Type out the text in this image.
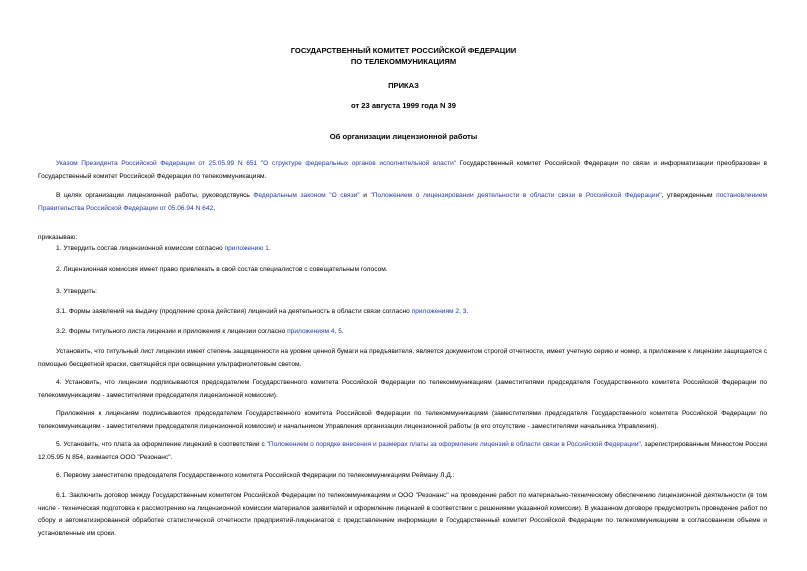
ГОСУДАРСТВЕННЫЙ КОМИТЕТ РОССИЙСКОЙ ФЕДЕРАЦИИ
ПО ТЕЛЕКОММУНИКАЦИЯМ
ПРИКАЗ
от 23 августа 1999 года N 39
Об организации лицензионной работы
Указом Президента Российской Федерации от 25.05.99 N 651 "О структуре федеральных органов исполнительной власти" Государственный комитет Российской Федерации по связи и информатизации преобразован в Государственный комитет Российской Федерации по телекоммуникациям.
В целях организации лицензионной работы, руководствуясь Федеральным законом "О связи" и "Положением о лицензировании деятельности в области связи в Российской Федерации", утвержденным постановлением Правительства Российской Федерации от 05.06.94 N 642,
приказываю:
1. Утвердить состав лицензионной комиссии согласно приложению 1.
2. Лицензионная комиссия имеет право привлекать в свой состав специалистов с совещательным голосом.
3. Утвердить:
3.1. Формы заявлений на выдачу (продление срока действия) лицензий на деятельность в области связи согласно приложениям 2, 3.
3.2. Формы титульного листа лицензии и приложения к лицензии согласно приложениям 4, 5.
Установить, что титульный лист лицензии имеет степень защищенности на уровне ценной бумаги на предъявителя, является документом строгой отчетности, имеет учетную серию и номер, а приложение к лицензии защищается с помощью бесцветной краски, светящейся при освещении ультрафиолетовым светом.
4. Установить, что лицензии подписываются председателем Государственного комитета Российской Федерации по телекоммуникациям (заместителями председателя Государственного комитета Российской Федерации по телекоммуникациям - заместителями председателя лицензионной комиссии).
Приложения к лицензиям подписываются председателем Государственного комитета Российской Федерации по телекоммуникациям (заместителями председателя Государственного комитета Российской Федерации по телекоммуникациям - заместителями председателя лицензионной комиссии) и начальником Управления организации лицензионной работы (в его отсутствие - заместителями начальника Управления).
5. Установить, что плата за оформление лицензий в соответствии с "Положением о порядке внесения и размерах платы за оформление лицензий в области связи в Российской Федерации", зарегистрированным Минюстом России 12.05.95 N 854, взимается ООО "Резонанс".
6. Первому заместителю председателя Государственного комитета Российской Федерации по телекоммуникациям Рейману Л.Д.:
6.1. Заключить договор между Государственным комитетом Российской Федерации по телекоммуникациям и ООО "Резонанс" на проведение работ по материально-техническому обеспечению лицензионной деятельности (в том числе - техническая подготовка к рассмотрению на лицензионной комиссии материалов заявителей и оформление лицензий в соответствии с решениями указанной комиссии). В указанном договоре предусмотреть проведение работ по сбору и автоматизированной обработке статистической отчетности предприятий-лицензиатов с представлением информации в Государственный комитет Российской Федерации по телекоммуникациям в согласованном объеме и установленные им сроки.
